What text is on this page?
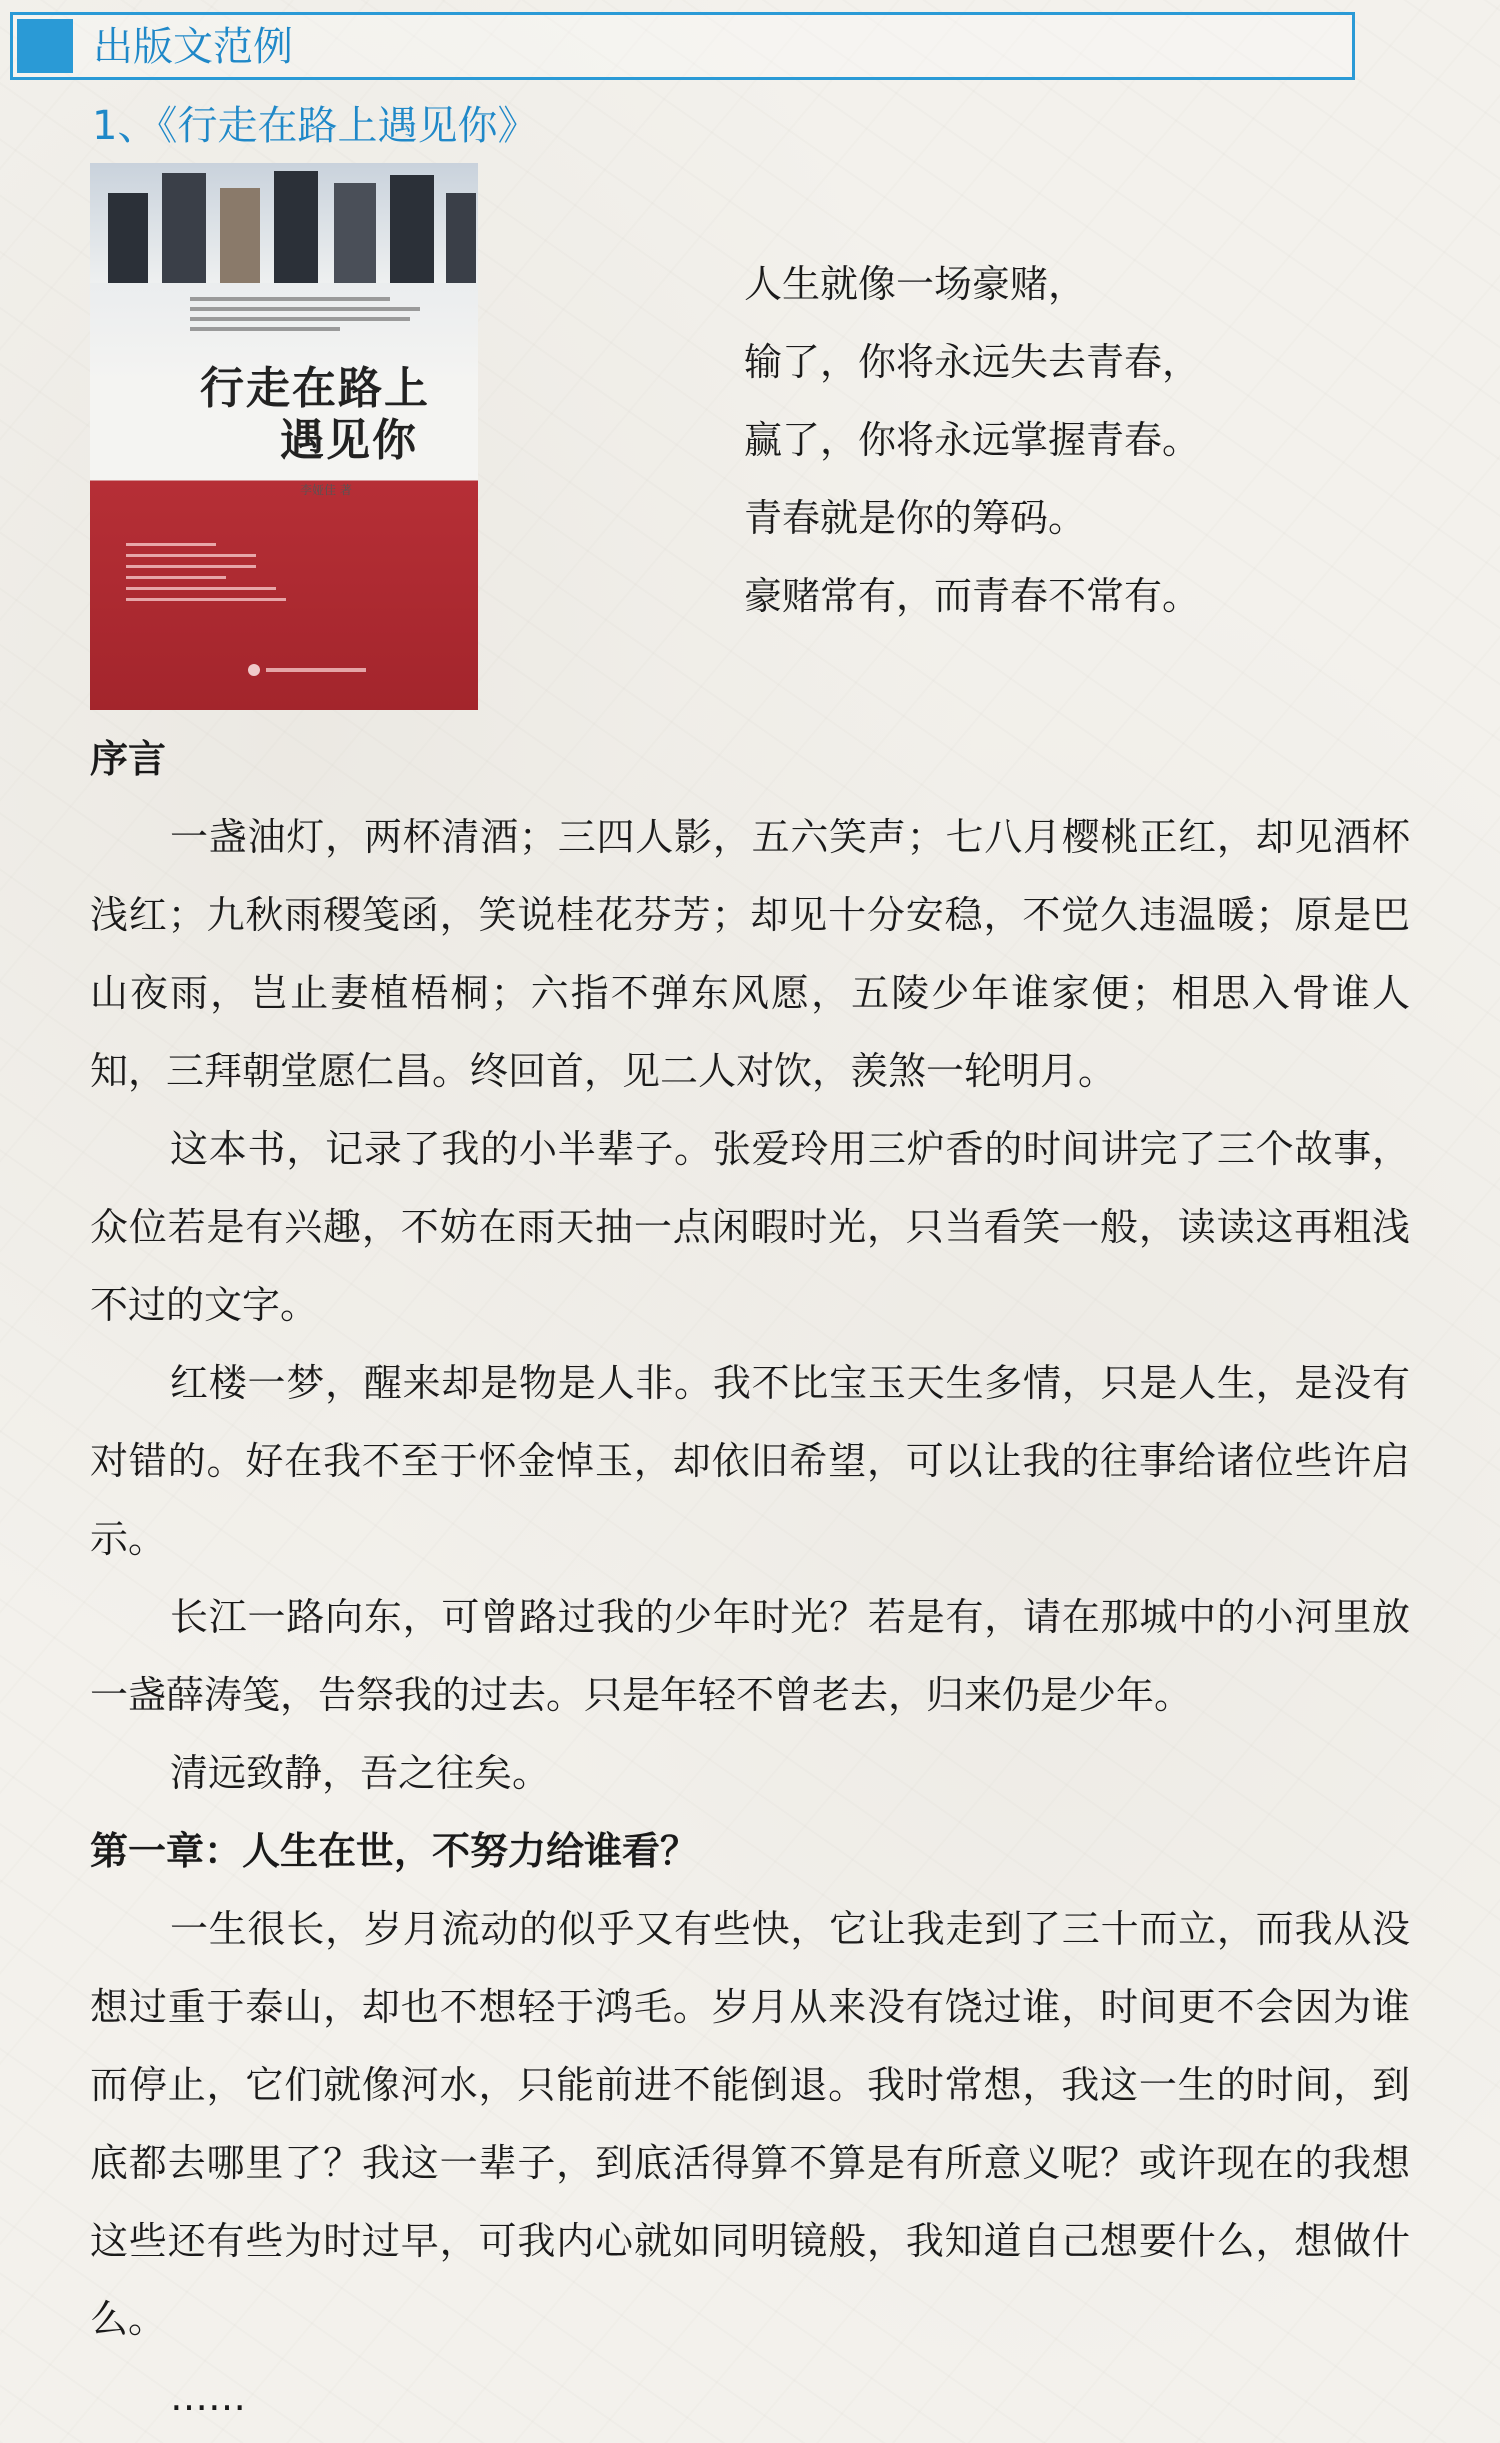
出版文范例
1、《行走在路上遇见你》
行走在路上
遇见你
李娅佳 著

人生就像一场豪赌，

输了，你将永远失去青春，

赢了，你将永远掌握青春。

青春就是你的筹码。

豪赌常有，而青春不常有。

序言

一盏油灯，两杯清酒；三四人影，五六笑声；七八月樱桃正红，却见酒杯浅红；九秋雨稷笺函，笑说桂花芬芳；却见十分安稳，不觉久违温暖；原是巴山夜雨，岂止妻植梧桐；六指不弹东风愿，五陵少年谁家便；相思入骨谁人知，三拜朝堂愿仁昌。终回首，见二人对饮，羡煞一轮明月。

这本书，记录了我的小半辈子。张爱玲用三炉香的时间讲完了三个故事，众位若是有兴趣，不妨在雨天抽一点闲暇时光，只当看笑一般，读读这再粗浅不过的文字。

红楼一梦，醒来却是物是人非。我不比宝玉天生多情，只是人生，是没有对错的。好在我不至于怀金悼玉，却依旧希望，可以让我的往事给诸位些许启示。

长江一路向东，可曾路过我的少年时光？若是有，请在那城中的小河里放一盏薛涛笺，告祭我的过去。只是年轻不曾老去，归来仍是少年。

清远致静，吾之往矣。

第一章：人生在世，不努力给谁看？

一生很长，岁月流动的似乎又有些快，它让我走到了三十而立，而我从没想过重于泰山，却也不想轻于鸿毛。岁月从来没有饶过谁，时间更不会因为谁而停止，它们就像河水，只能前进不能倒退。我时常想，我这一生的时间，到底都去哪里了？我这一辈子，到底活得算不算是有所意义呢？或许现在的我想这些还有些为时过早，可我内心就如同明镜般，我知道自己想要什么，想做什么。

……
